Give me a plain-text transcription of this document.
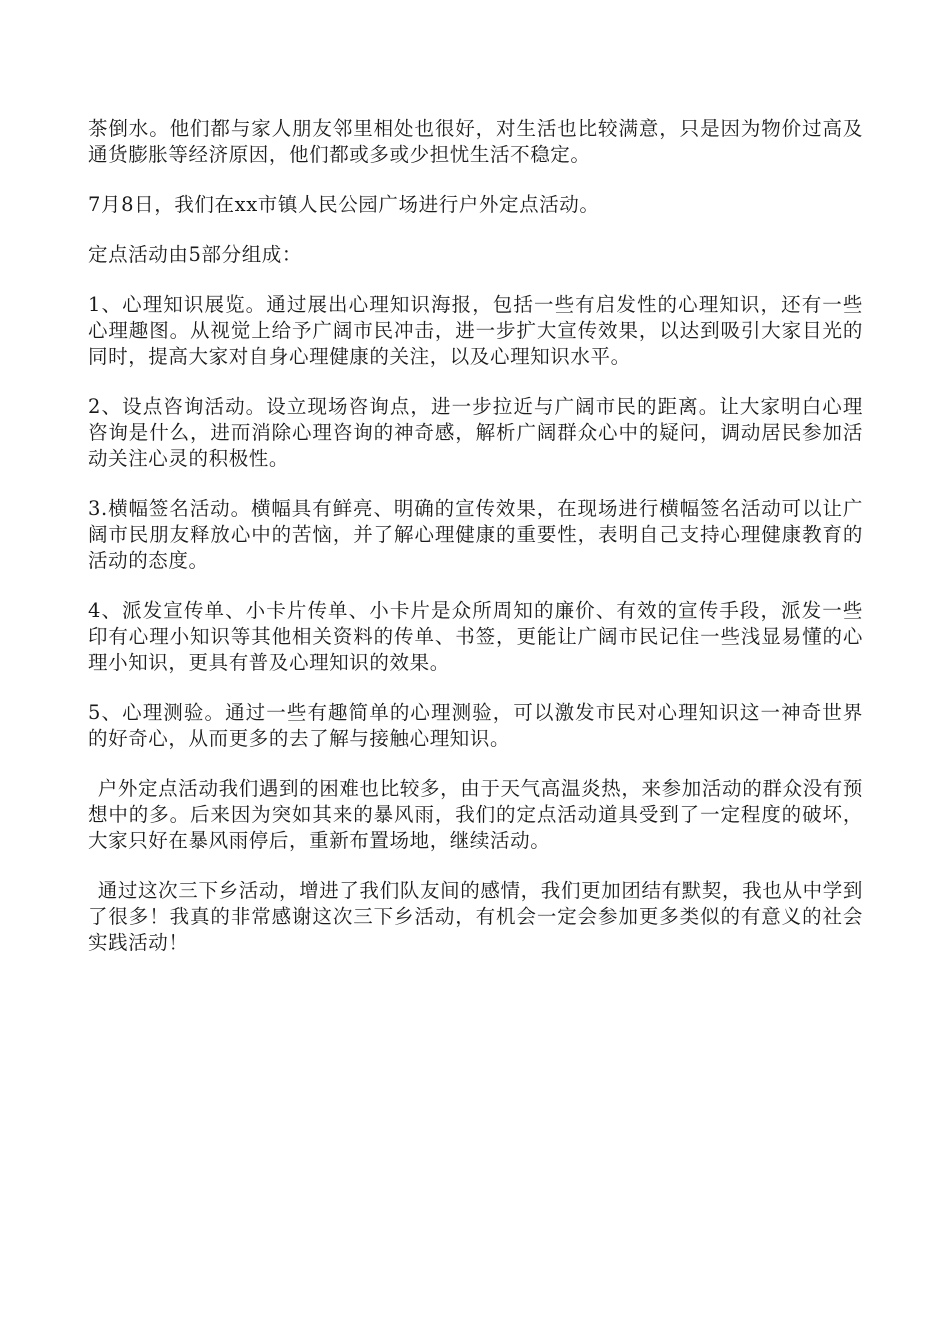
茶倒水。他们都与家人朋友邻里相处也很好，对生活也比较满意，只是因为物价过高及通货膨胀等经济原因，他们都或多或少担忧生活不稳定。

7月8日，我们在xx市镇人民公园广场进行户外定点活动。

定点活动由5部分组成：

1、心理知识展览。通过展出心理知识海报，包括一些有启发性的心理知识，还有一些心理趣图。从视觉上给予广阔市民冲击，进一步扩大宣传效果，以达到吸引大家目光的同时，提高大家对自身心理健康的关注，以及心理知识水平。

2、设点咨询活动。设立现场咨询点，进一步拉近与广阔市民的距离。让大家明白心理咨询是什么，进而消除心理咨询的神奇感，解析广阔群众心中的疑问，调动居民参加活动关注心灵的积极性。

3.横幅签名活动。横幅具有鲜亮、明确的宣传效果，在现场进行横幅签名活动可以让广阔市民朋友释放心中的苦恼，并了解心理健康的重要性，表明自己支持心理健康教育的活动的态度。

4、派发宣传单、小卡片传单、小卡片是众所周知的廉价、有效的宣传手段，派发一些印有心理小知识等其他相关资料的传单、书签，更能让广阔市民记住一些浅显易懂的心理小知识，更具有普及心理知识的效果。

5、心理测验。通过一些有趣简单的心理测验，可以激发市民对心理知识这一神奇世界的好奇心，从而更多的去了解与接触心理知识。

户外定点活动我们遇到的困难也比较多，由于天气高温炎热，来参加活动的群众没有预想中的多。后来因为突如其来的暴风雨，我们的定点活动道具受到了一定程度的破坏，大家只好在暴风雨停后，重新布置场地，继续活动。

通过这次三下乡活动，增进了我们队友间的感情，我们更加团结有默契，我也从中学到了很多！我真的非常感谢这次三下乡活动，有机会一定会参加更多类似的有意义的社会实践活动！
